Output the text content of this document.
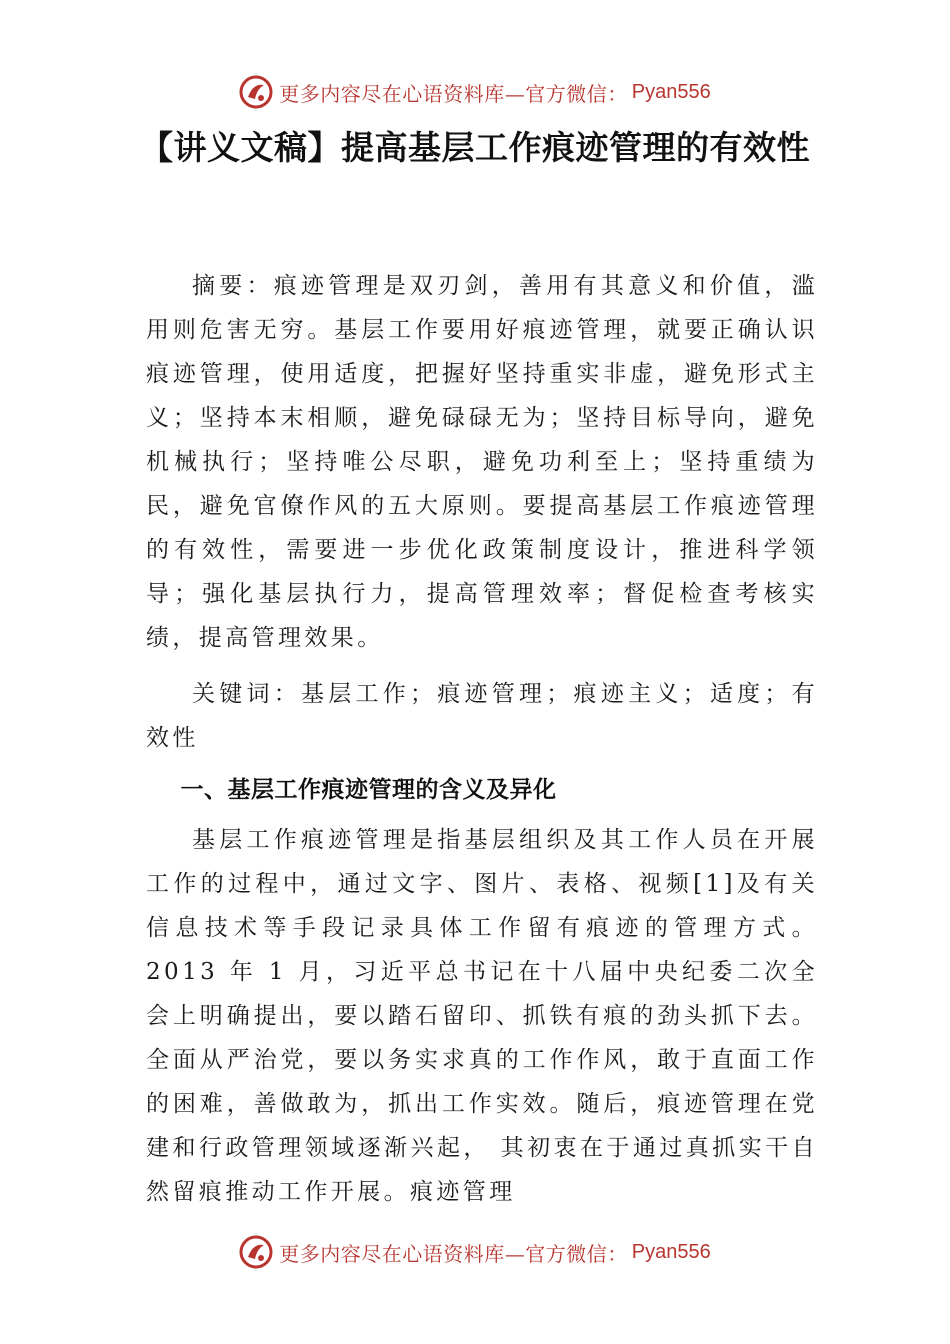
更多内容尽在心语资料库—官方微信： Pyan556
【讲义文稿】提高基层工作痕迹管理的有效性

摘要：痕迹管理是双刃剑，善用有其意义和价值，滥用则危害无穷。基层工作要用好痕迹管理，就要正确认识痕迹管理，使用适度，把握好坚持重实非虚，避免形式主义；坚持本末相顺，避免碌碌无为；坚持目标导向，避免机械执行；坚持唯公尽职，避免功利至上；坚持重绩为民，避免官僚作风的五大原则。要提高基层工作痕迹管理的有效性，需要进一步优化政策制度设计，推进科学领导；强化基层执行力，提高管理效率；督促检查考核实绩，提高管理效果。

关键词：基层工作；痕迹管理；痕迹主义；适度；有效性

一、基层工作痕迹管理的含义及异化

基层工作痕迹管理是指基层组织及其工作人员在开展工作的过程中，通过文字、图片、表格、视频[1]及有关信息技术等手段记录具体工作留有痕迹的管理方式。2013 年 1 月，习近平总书记在十八届中央纪委二次全会上明确提出，要以踏石留印、抓铁有痕的劲头抓下去。全面从严治党，要以务实求真的工作作风，敢于直面工作的困难，善做敢为，抓出工作实效。随后，痕迹管理在党建和行政管理领域逐渐兴起， 其初衷在于通过真抓实干自然留痕推动工作开展。痕迹管理

更多内容尽在心语资料库—官方微信： Pyan556
